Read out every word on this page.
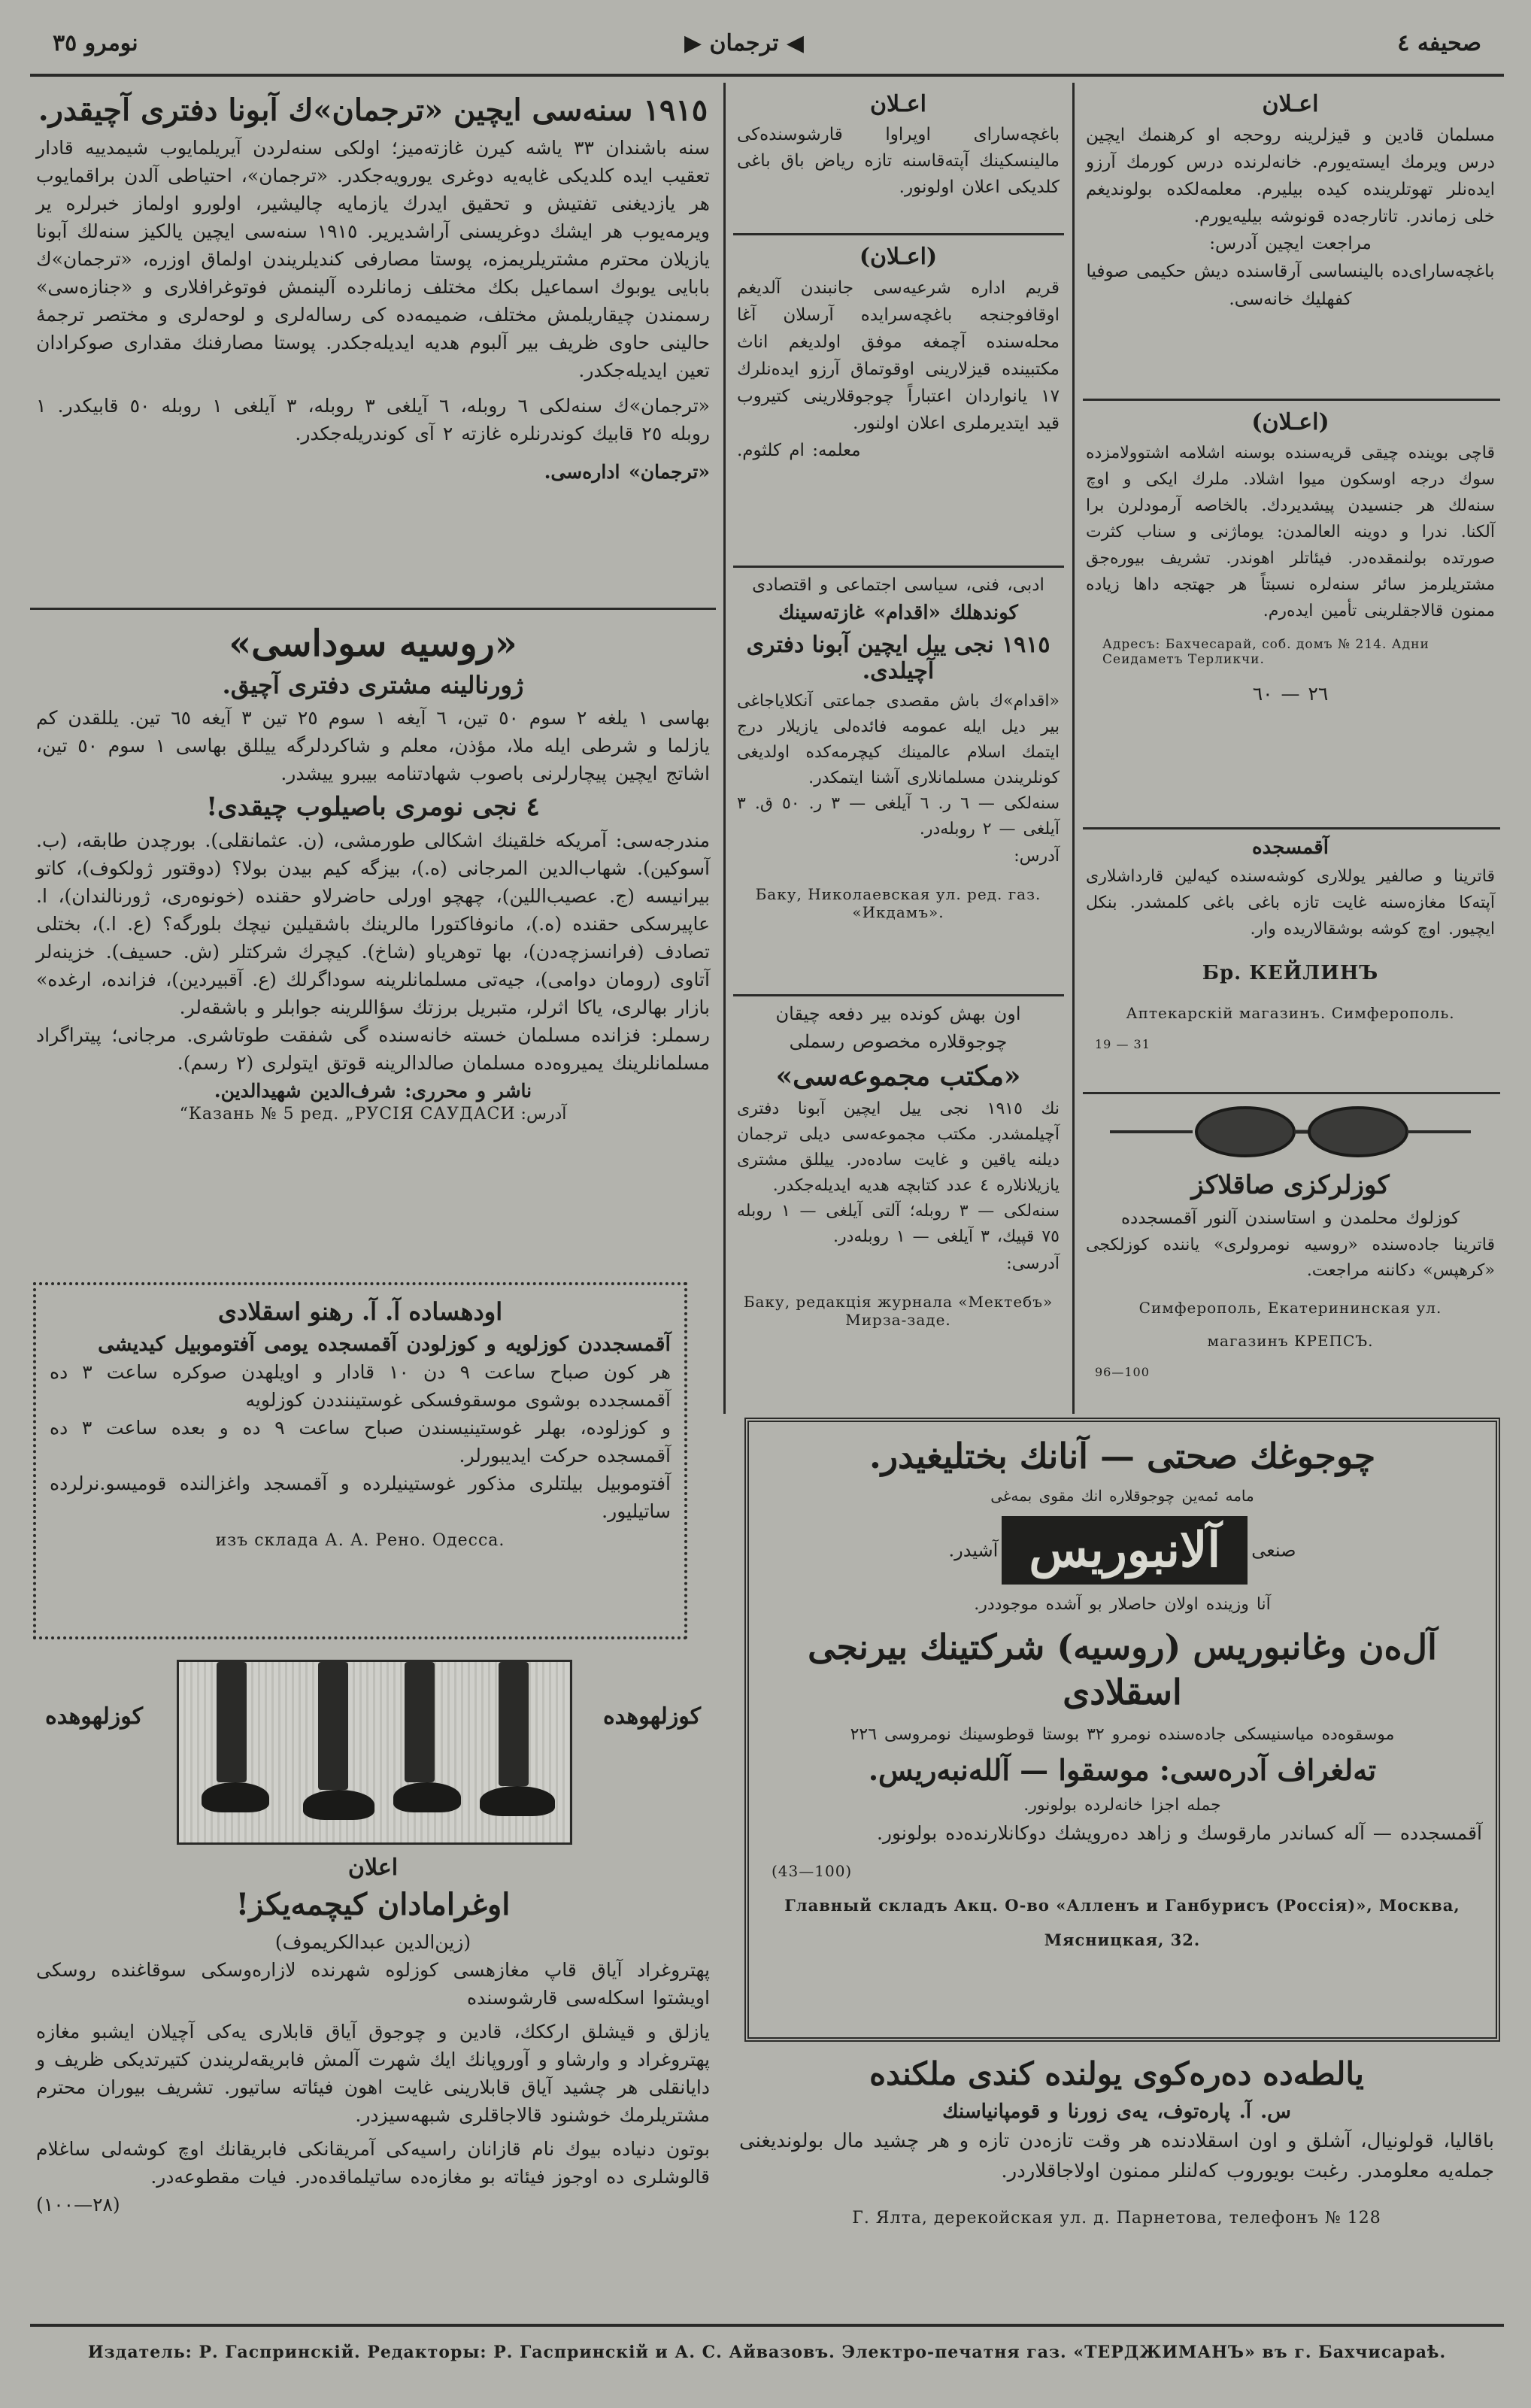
صحیفه ٤
◀ ترجمان ▶
نومرو ٣٥
١٩١٥ سنه‌سی ایچین «ترجمان»ك آبونا دفتری آچیقدر.

سنه باشندان ٣٣ یاشه کیرن غازته‌میز؛ اولکی سنه‌لردن آیریلمایوب شیمدییه قادار تعقیب ایده کلدیکی غایه‌یه دوغری یورویه‌جکدر. «ترجمان»، احتیاطی آلدن براقمایوب هر یازدیغنی تفتیش و تحقیق ایدرك یازمایه چالیشیر، اولورو اولماز خبرلره یر ویرمه‌یوب هر ایشك دوغریسنی آراشدیریر. ١٩١٥ سنه‌سی ایچین یالکیز سنه‌لك آبونا یازیلان محترم مشتریلریمزه، پوستا مصارفی کندیلریندن اولماق اوزره، «ترجمان»ك بابایی یوبوك اسماعیل بکك مختلف زمانلرده آلینمش فوتوغرافلاری و «جنازه‌سی» رسمندن چیقاریلمش مختلف، ضمیمه‌ده کی رساله‌لری و لوحه‌لری و مختصر ترجمهٔ حالینی حاوی ظریف بیر آلبوم هدیه ایدیله‌جکدر. پوستا مصارفنك مقداری صوکرادان تعین ایدیله‌جکدر.

«ترجمان»ك سنه‌لکی ٦ روبله، ٦ آیلغی ٣ روبله، ٣ آیلغی ١ روبله ٥٠ قابیکدر. ١ روبله ٢٥ قابیك کوندرنلره غازته ٢ آی کوندریله‌جکدر.

«ترجمان» اداره‌سی.

«روسیه سوداسی»
ژورنالینه مشتری دفتری آچیق.

بهاسی ١ یلغه ٢ سوم ٥٠ تین، ٦ آیغه ١ سوم ٢٥ تین ٣ آیغه ٦٥ تین. یللقدن کم یازلما و شرطی ایله ملا، مؤذن، معلم و شاکردلرگه ییللق بهاسی ١ سوم ٥٠ تین، اشاتج ایچین پیچارلرنی باصوب شهادتنامه بیبرو ییشدر.

٤ نجی نومری باصیلوب چیقدی!

مندرجه‌سی: آمریکه خلقینك اشکالی طورمشی، (ن. عثمانقلی). بورچدن طابقه، (ب. آسوکین). شهاب‌الدین المرجانی (ه.)، بیزگه کیم بیدن بولا؟ (دوقتور ژولکوف)، کاتو بیرانیسه (ج. عصیب‌اللین)، چهچو اورلی حاضرلاو حقنده (خونوه‌ری، ژورنالندان)، ا. عاپیرسکی حقنده (ه.)، مانوفاکتورا مالرینك باشقیلین نیچك بلورگه؟ (ع. ا.)، بختلی تصادف (فرانسزچه‌دن)، بها توهریاو (شاخ). کیچرك شرکتلر (ش. حسیف). خزینه‌لر آتاوی (رومان دوامی)، جیه‌تی مسلمانلرینه سوداگرلك (ع. آقبیردین)، فزانده، ارغده» بازار بهالری، یاکا اثرلر، متبریل برزتك سؤاللرینه جوابلر و باشقه‌لر.

رسملر: فزانده مسلمان خسته خانه‌سنده گی شفقت طوتاشری. مرجانی؛ پیتراگراد مسلمانلرینك یمیروه‌ده مسلمان صالدالرینه قوتق ایتولری (٢ رسم).

ناشر و محرری: شرف‌الدین شهیدالدین.

آدرس: Казань № 5 ред. „РУСІЯ САУДАСИ“
اودهساده آ. آ. رهنو اسقلادی

آقمسجددن کوزلویه و کوزلودن آقمسجده یومی آفتوموبیل کیدیشی

هر کون صباح ساعت ٩ دن ١٠ قادار و اویلهدن صوکره ساعت ٣ ده آقمسجدده بوشوی موسقوفسکی غوستیننددن کوزلویه

و کوزلوده، بهلر غوستینیسندن صباح ساعت ٩ ده و بعده ساعت ٣ ده آقمسجده حرکت ایدیبورلر.

آفتوموبیل بیلتلری مذکور غوستینیلرده و آقمسجد واغزالنده قومیسو.نرلرده ساتیلیور.

изъ склада А. А. Рено. Одесса.

کوزلهوهده
کوزلهوهده
اعلان
اوغرامادان کیچمه‌یکز!

(زین‌الدین عبدالکریموف)

پهتروغراد آیاق قاپ مغازهسی کوزلوه شهرنده لازاره‌وسکی سوقاغنده روسکی اویشتوا اسکله‌سی قارشوسنده

یازلق و قیشلق ارککك، قادین و چوجوق آیاق قابلاری یه‌کی آچیلان ایشبو مغازه پهتروغراد و وارشاو و آوروپانك ایك شهرت آلمش فابریقه‌لریندن کتیرتدیکی ظریف و دایانقلی هر چشید آیاق قابلارینی غایت اهون فیئاته ساتیور. تشریف بیوران محترم مشتریلرمك خوشنود قالاجاقلری شبهه‌سیزدر.

بوتون دنیاده بیوك نام قازانان راسیه‌کی آمریقانکی فابریقانك اوچ کوشه‌لی ساغلام قالوشلری ده اوجوز فیئاته بو مغازه‌ده ساتیلماقده‌در. فیات مقطوعه‌در.

(٢٨—١٠٠)

اعـلان

باغچه‌سارای اوپراوا قارشوسنده‌کی مالینسکینك آپته‌قاسنه تازه ریاض باق باغی کلدیکی اعلان اولونور.

(اعـلان)

قریم اداره شرعیه‌سی جانبندن آلدیغم اوقافوجنجه باغچه‌سرایده آرسلان آغا محله‌سنده آچمغه موفق اولدیغم اناث مکتبینده قیزلارینی اوقوتماق آرزو ایده‌نلرك ١٧ یانواردان اعتباراً چوجوقلارینی کتیروب قید ایتدیرملری اعلان اولنور.

معلمه: ام کلثوم.

ادبی، فنی، سیاسی اجتماعی و اقتصادی

کوندهلك «اقدام» غازته‌سینك

١٩١٥ نجی ییل ایچین آبونا دفتری آچیلدی.

«اقدام»ك باش مقصدی جماعتی آنکلایاجاغی بیر دیل ایله عمومه فائده‌لی یازیلار درج ایتمك اسلام عالمینك کیچرمه‌کده اولدیغی کونلریندن مسلمانلاری آشنا ایتمکدر.

سنه‌لکی — ٦ ر. ٦ آیلغی — ٣ ر. ٥٠ ق. ٣ آیلغی — ٢ روبله‌در.

آدرس:

Баку, Николаевская ул. ред. газ. «Икдамъ».

اون بهش کونده بیر دفعه چیقان

چوجوقلاره مخصوص رسملی

«مکتب مجموعه‌سی»

نك ١٩١٥ نجی ییل ایچین آبونا دفتری آچیلمشدر. مکتب مجموعه‌سی دیلی ترجمان دیلنه یاقین و غایت ساده‌در. ییللق مشتری یازیلانلاره ٤ عدد کتابچه هدیه ایدیله‌جکدر.

سنه‌لکی — ٣ روبله؛ آلتی آیلغی — ١ روبله ٧٥ قپیك، ٣ آیلغی — ١ روبله‌در.

آدرسی:

Баку, редакція журнала «Мектебъ» Мирза-заде.

اعـلان

مسلمان قادین و قیزلرینه روحجه او کرهنمك ایچین درس ویرمك ایسته‌یورم. خانه‌لرنده درس کورمك آرزو ایده‌نلر تهوتلرینده کیده بیلیرم. معلمه‌لکده بولوندیغم خلی زماندر. تاتارجه‌ده قونوشه بیلیه‌یورم.

مراجعت ایچین آدرس:

باغچه‌سارای‌ده بالینساسی آرقاسنده دیش حکیمی صوفیا کفهلیك خانه‌سی.

(اعـلان)

قاچی بوینده چیقی قریه‌سنده بوسنه اشلامه اشتوولامزده سوك درجه اوسکون میوا اشلاد. ملرك ایکی و اوچ سنه‌لك هر جنسیدن پیشدیردك. بالخاصه آرمودلرن برا آلکنا. ندرا و دوینه العالمدن: یوماژنی و سناب کثرت صورتده بولنمقده‌در. فیئاتلر اهوندر. تشریف بیوره‌جق مشتریلرمز سائر سنه‌لره نسبتاً هر جهتجه داها زیاده ممنون قالاجقلرینی تأمین ایده‌رم.

Адресъ: Бахчесарай, соб. домъ № 214. Адни Сеидаметъ Терликчи.

٢٦ — ٦٠

آقمسجده

قاترینا و صالفیر یوللاری کوشه‌سنده کیه‌لین قارداشلاری آپته‌کا مغازه‌سنه غایت تازه باغی باغی کلمشدر. بنکل ایچیور. اوچ کوشه بوشقالاریده وار.

Бр. КЕЙЛИНЪ

Аптекарскій магазинъ. Симферополь.

19 — 31

کوزلرکزی صاقلاکز

کوزلوك محلمدن و استاسندن آلنور آقمسجدده

قاترینا جاده‌سنده «روسیه نومرولری» یاننده کوزلکجی «کرهپس» دکاننه مراجعت.

Симферополь, Екатерининская ул.

магазинъ КРЕПСЪ.

96—100

چوجوغك صحتی — آنانك بختلیغیدر.

مامه ئمه‌ین چوجوقلاره انك مقوی بمه‌غی

صنعی آلانبوریس آشیدر.

آنا وزینده اولان حاصلار بو آشده موجوددر.

آل‌ه‌ن وغانبوریس (روسیه) شرکتینك بیرنجی اسقلادی

موسقوه‌ده میاسنیسکی جاده‌سنده نومرو ٣٢ بوستا قوطوسینك نومروسی ٢٢٦

تەلغراف آدرەسی: موسقوا — آللەنبەریس.

جمله اجزا خانه‌لرده بولونور.

آقمسجدده — آله کساندر مارقوسك و زاهد دەرویشك دوكانلارندەده بولونور.

(43—100)

Главный складъ Акц. О-во «Алленъ и Ганбурисъ (Россія)», Москва,

Мясницкая, 32.

یالطەدە دەرەکوی یولندە کندی ملکندە

س. آ. پارەتوف، یەی زورنا و قومپانیاسنك

باقالیا، قولونیال، آشلق و اون اسقلادنده هر وقت تازەدن تازە و هر چشید مال بولوندیغنی جملەیە معلومدر. رغبت بویوروب کەلنلر ممنون اولاجاقلاردر.

Г. Ялта, дерекойская ул. д. Парнетова, телефонъ № 128

Издатель: Р. Гаспринскій. Редакторы: Р. Гаспринскій и А. С. Айвазовъ. Электро-печатня газ. «ТЕРДЖИМАНЪ» въ г. Бахчисараѣ.
